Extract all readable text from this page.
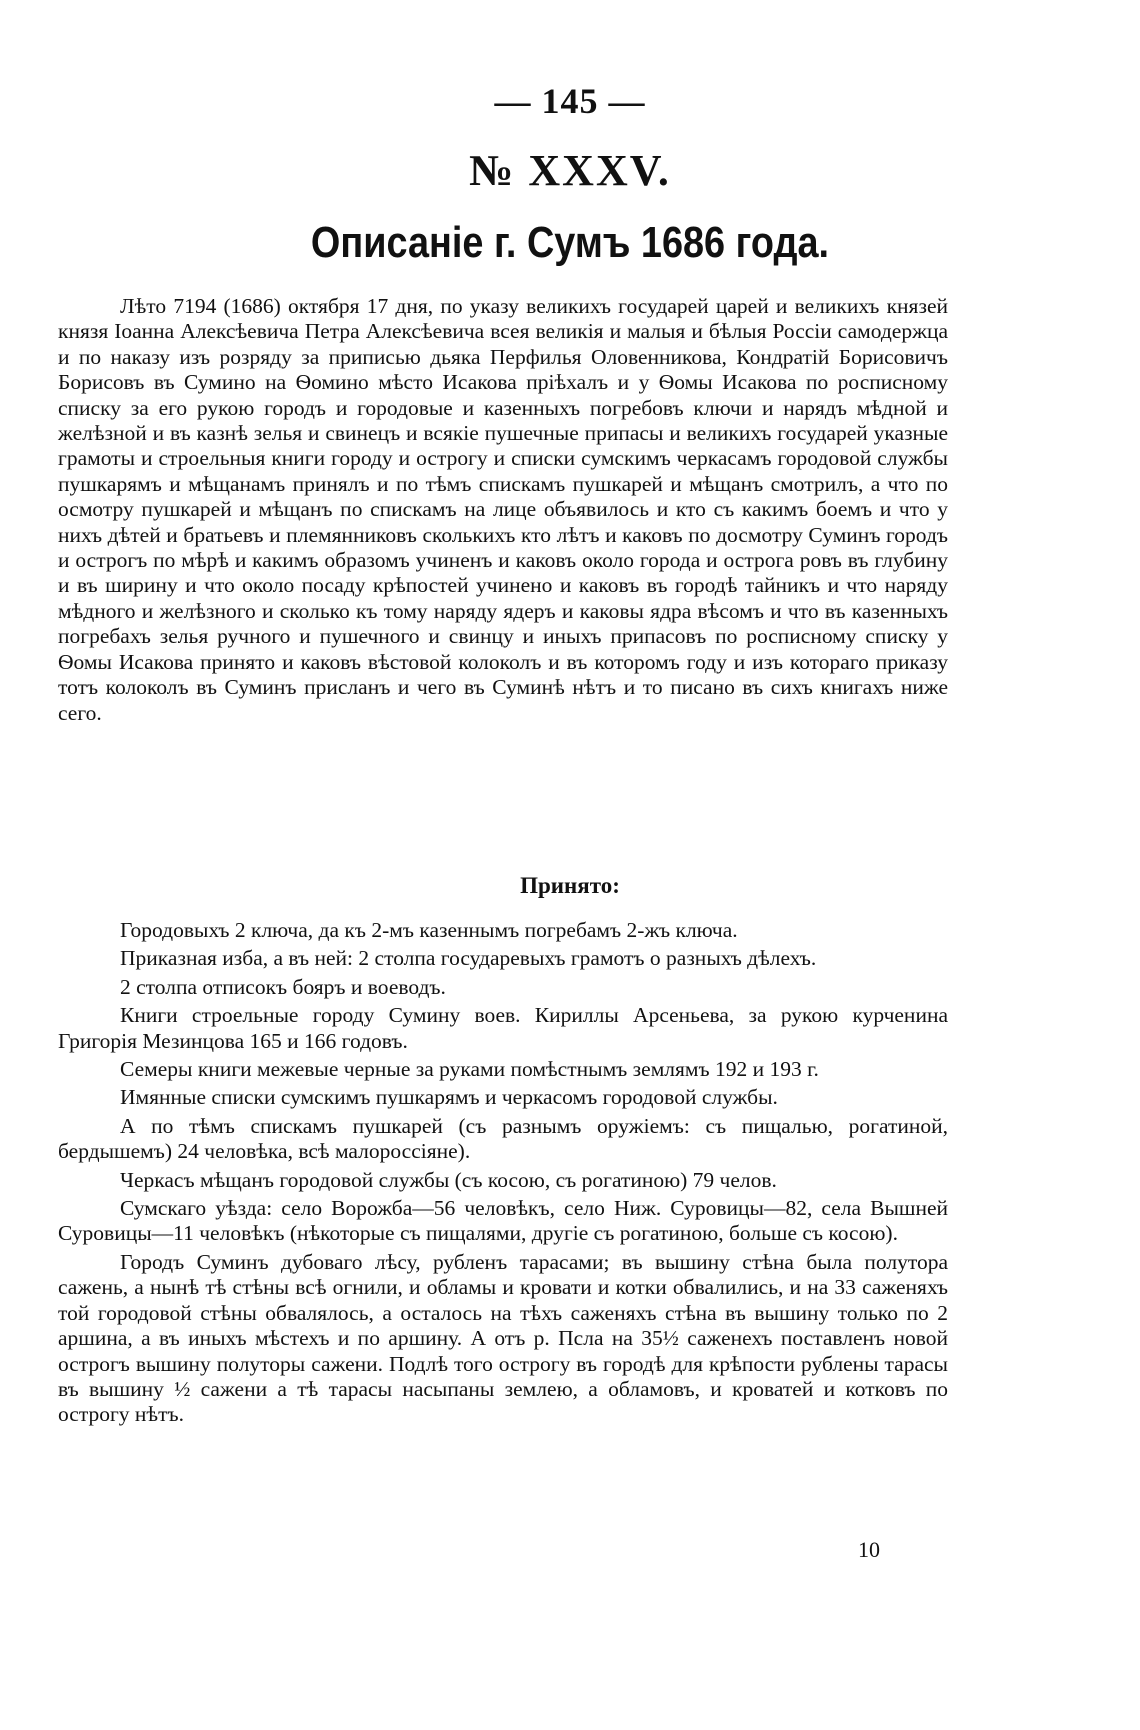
— 145 —
№ XXXV.
Описаніе г. Сумъ 1686 года.

Лѣто 7194 (1686) октября 17 дня, по указу великихъ государей царей и великихъ князей князя Іоанна Алексѣевича Петра Алексѣевича всея великія и малыя и бѣлыя Россіи самодержца и по наказу изъ розряду за приписью дьяка Перфилья Оловенникова, Кондратій Борисовичъ Борисовъ въ Сумино на Ѳомино мѣсто Исакова пріѣхалъ и у Ѳомы Исакова по росписному списку за его рукою городъ и городовые и казенныхъ погребовъ ключи и нарядъ мѣдной и желѣзной и въ казнѣ зелья и свинецъ и всякіе пушечные припасы и великихъ государей указные грамоты и строельныя книги городу и острогу и списки сумскимъ черкасамъ городовой службы пушкарямъ и мѣщанамъ принялъ и по тѣмъ спискамъ пушкарей и мѣщанъ смотрилъ, а что по осмотру пушкарей и мѣщанъ по спискамъ на лице объявилось и кто съ какимъ боемъ и что у нихъ дѣтей и братьевъ и племянниковъ сколькихъ кто лѣтъ и каковъ по досмотру Суминъ городъ и острогъ по мѣрѣ и какимъ образомъ учиненъ и каковъ около города и острога ровъ въ глубину и въ ширину и что около посаду крѣпостей учинено и каковъ въ городѣ тайникъ и что наряду мѣдного и желѣзного и сколько къ тому наряду ядеръ и каковы ядра вѣсомъ и что въ казенныхъ погребахъ зелья ручного и пушечного и свинцу и иныхъ припасовъ по росписному списку у Ѳомы Исакова принято и каковъ вѣстовой колоколъ и въ которомъ году и изъ котораго приказу тотъ колоколъ въ Суминъ присланъ и чего въ Суминѣ нѣтъ и то писано въ сихъ книгахъ ниже сего.

Принято:
Городовыхъ 2 ключа, да къ 2-мъ казеннымъ погребамъ 2-жъ ключа.
Приказная изба, а въ ней: 2 столпа государевыхъ грамотъ о разныхъ дѣлехъ.
2 столпа отписокъ бояръ и воеводъ.
Книги строельные городу Сумину воев. Кириллы Арсеньева, за рукою курченина Григорія Мезинцова 165 и 166 годовъ.
Семеры книги межевые черные за руками помѣстнымъ землямъ 192 и 193 г.
Имянные списки сумскимъ пушкарямъ и черкасомъ городовой службы.
А по тѣмъ спискамъ пушкарей (съ разнымъ оружіемъ: съ пищалью, рогатиной, бердышемъ) 24 человѣка, всѣ малороссіяне).
Черкасъ мѣщанъ городовой службы (съ косою, съ рогатиною) 79 челов.
Сумскаго уѣзда: село Ворожба—56 человѣкъ, село Ниж. Суровицы—82, села Вышней Суровицы—11 человѣкъ (нѣкоторые съ пищалями, другіе съ рогатиною, больше съ косою).
Городъ Суминъ дубоваго лѣсу, рубленъ тарасами; въ вышину стѣна была полутора сажень, а нынѣ тѣ стѣны всѣ огнили, и обламы и кровати и котки обвалились, и на 33 саженяхъ той городовой стѣны обвалялось, а осталось на тѣхъ саженяхъ стѣна въ вышину только по 2 аршина, а въ иныхъ мѣстехъ и по аршину. А отъ р. Псла на 35½ саженехъ поставленъ новой острогъ вышину полуторы сажени. Подлѣ того острогу въ городѣ для крѣпости рублены тарасы въ вышину ½ сажени а тѣ тарасы насыпаны землею, а обламовъ, и кроватей и котковъ по острогу нѣтъ.
10
